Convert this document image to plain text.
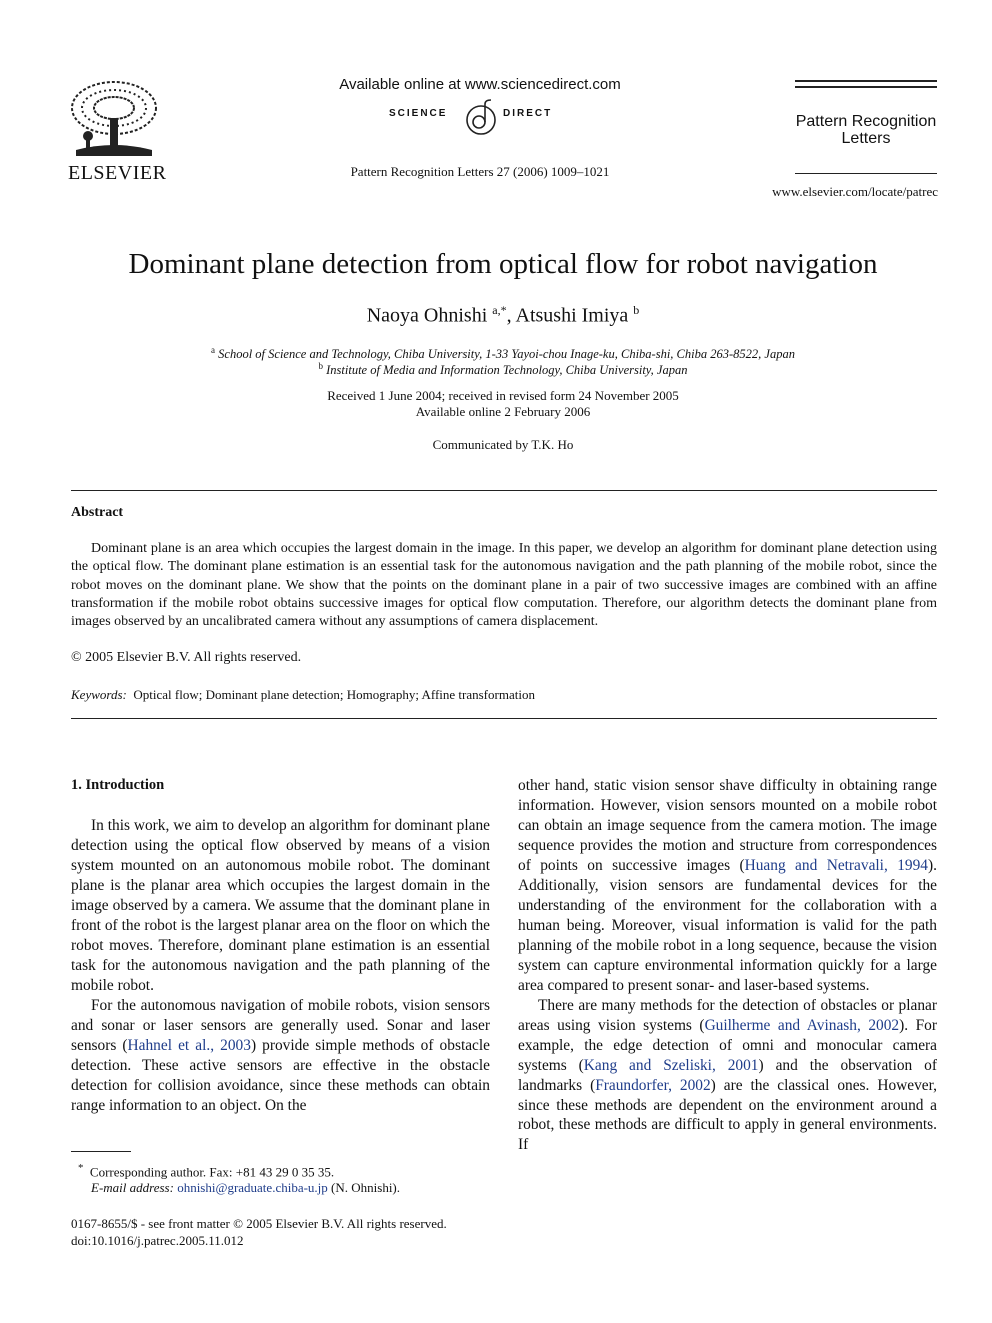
ELSEVIER
Available online at www.sciencedirect.com
SCIENCE	DIRECT
Pattern Recognition Letters 27 (2006) 1009–1021
Pattern Recognition
Letters
www.elsevier.com/locate/patrec
Dominant plane detection from optical flow for robot navigation
Naoya Ohnishi $^{a,*}$, Atsushi Imiya $^b$
$^a$ School of Science and Technology, Chiba University, 1-33 Yayoi-chou Inage-ku, Chiba-shi, Chiba 263-8522, Japan
$^b$ Institute of Media and Information Technology, Chiba University, Japan
Received 1 June 2004; received in revised form 24 November 2005
Available online 2 February 2006
Communicated by T.K. Ho
Abstract

Dominant plane is an area which occupies the largest domain in the image. In this paper, we develop an algorithm for dominant plane detection using the optical flow. The dominant plane estimation is an essential task for the autonomous navigation and the path planning of the mobile robot, since the robot moves on the dominant plane. We show that the points on the dominant plane in a pair of two successive images are combined with an affine transformation if the mobile robot obtains successive images for optical flow computation. Therefore, our algorithm detects the dominant plane from images observed by an uncalibrated camera without any assumptions of camera displacement.

© 2005 Elsevier B.V. All rights reserved.
Keywords: Optical flow; Dominant plane detection; Homography; Affine transformation

1. Introduction

In this work, we aim to develop an algorithm for dominant plane detection using the optical flow observed by means of a vision system mounted on an autonomous mobile robot. The dominant plane is the planar area which occupies the largest domain in the image observed by a camera. We assume that the dominant plane in front of the robot is the largest planar area on the floor on which the robot moves. Therefore, dominant plane estimation is an essential task for the autonomous navigation and the path planning of the mobile robot.

For the autonomous navigation of mobile robots, vision sensors and sonar or laser sensors are generally used. Sonar and laser sensors (Hahnel et al., 2003) provide simple methods of obstacle detection. These active sensors are effective in the obstacle detection for collision avoidance, since these methods can obtain range information to an object. On the

other hand, static vision sensor shave difficulty in obtaining range information. However, vision sensors mounted on a mobile robot can obtain an image sequence from the camera motion. The image sequence provides the motion and structure from correspondences of points on successive images (Huang and Netravali, 1994). Additionally, vision sensors are fundamental devices for the understanding of the environment for the collaboration with a human being. Moreover, visual information is valid for the path planning of the mobile robot in a long sequence, because the vision system can capture environmental information quickly for a large area compared to present sonar- and laser-based systems.

There are many methods for the detection of obstacles or planar areas using vision systems (Guilherme and Avinash, 2002). For example, the edge detection of omni and monocular camera systems (Kang and Szeliski, 2001) and the observation of landmarks (Fraundorfer, 2002) are the classical ones. However, since these methods are dependent on the environment around a robot, these methods are difficult to apply in general environments. If

* Corresponding author. Fax: +81 43 29 0 35 35.
E-mail address: ohnishi@graduate.chiba-u.jp (N. Ohnishi).
0167-8655/$ - see front matter © 2005 Elsevier B.V. All rights reserved.
doi:10.1016/j.patrec.2005.11.012
